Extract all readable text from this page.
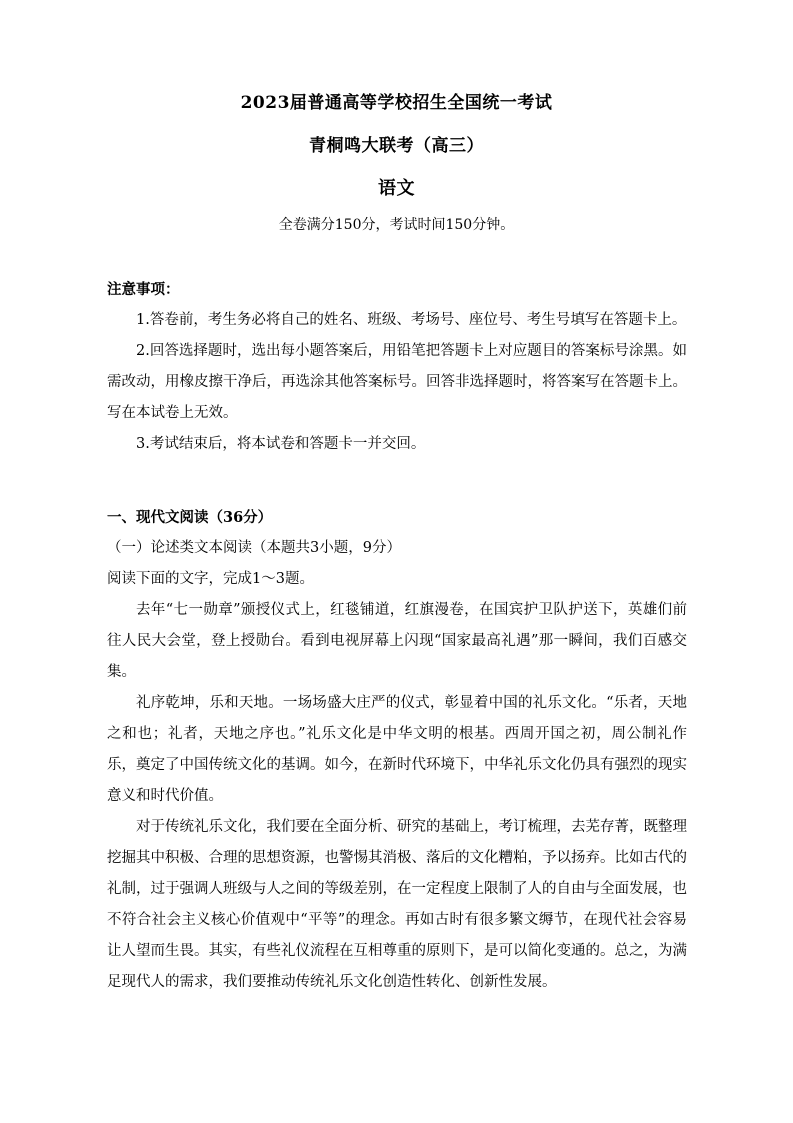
2023届普通高等学校招生全国统一考试
青桐鸣大联考（高三）
语文
全卷满分150分，考试时间150分钟。

注意事项：

1.答卷前，考生务必将自己的姓名、班级、考场号、座位号、考生号填写在答题卡上。

2.回答选择题时，选出每小题答案后，用铅笔把答题卡上对应题目的答案标号涂黑。如需改动，用橡皮擦干净后，再选涂其他答案标号。回答非选择题时，将答案写在答题卡上。写在本试卷上无效。

3.考试结束后，将本试卷和答题卡一并交回。

一、现代文阅读（36分）

（一）论述类文本阅读（本题共3小题，9分）

阅读下面的文字，完成1～3题。

去年“七一勋章”颁授仪式上，红毯铺道，红旗漫卷，在国宾护卫队护送下，英雄们前往人民大会堂，登上授勋台。看到电视屏幕上闪现“国家最高礼遇”那一瞬间，我们百感交集。

礼序乾坤，乐和天地。一场场盛大庄严的仪式，彰显着中国的礼乐文化。“乐者，天地之和也；礼者，天地之序也。”礼乐文化是中华文明的根基。西周开国之初，周公制礼作乐，奠定了中国传统文化的基调。如今，在新时代环境下，中华礼乐文化仍具有强烈的现实意义和时代价值。

对于传统礼乐文化，我们要在全面分析、研究的基础上，考订梳理，去芜存菁，既整理挖掘其中积极、合理的思想资源，也警惕其消极、落后的文化糟粕，予以扬弃。比如古代的礼制，过于强调人班级与人之间的等级差别，在一定程度上限制了人的自由与全面发展，也不符合社会主义核心价值观中“平等”的理念。再如古时有很多繁文缛节，在现代社会容易让人望而生畏。其实，有些礼仪流程在互相尊重的原则下，是可以简化变通的。总之，为满足现代人的需求，我们要推动传统礼乐文化创造性转化、创新性发展。
